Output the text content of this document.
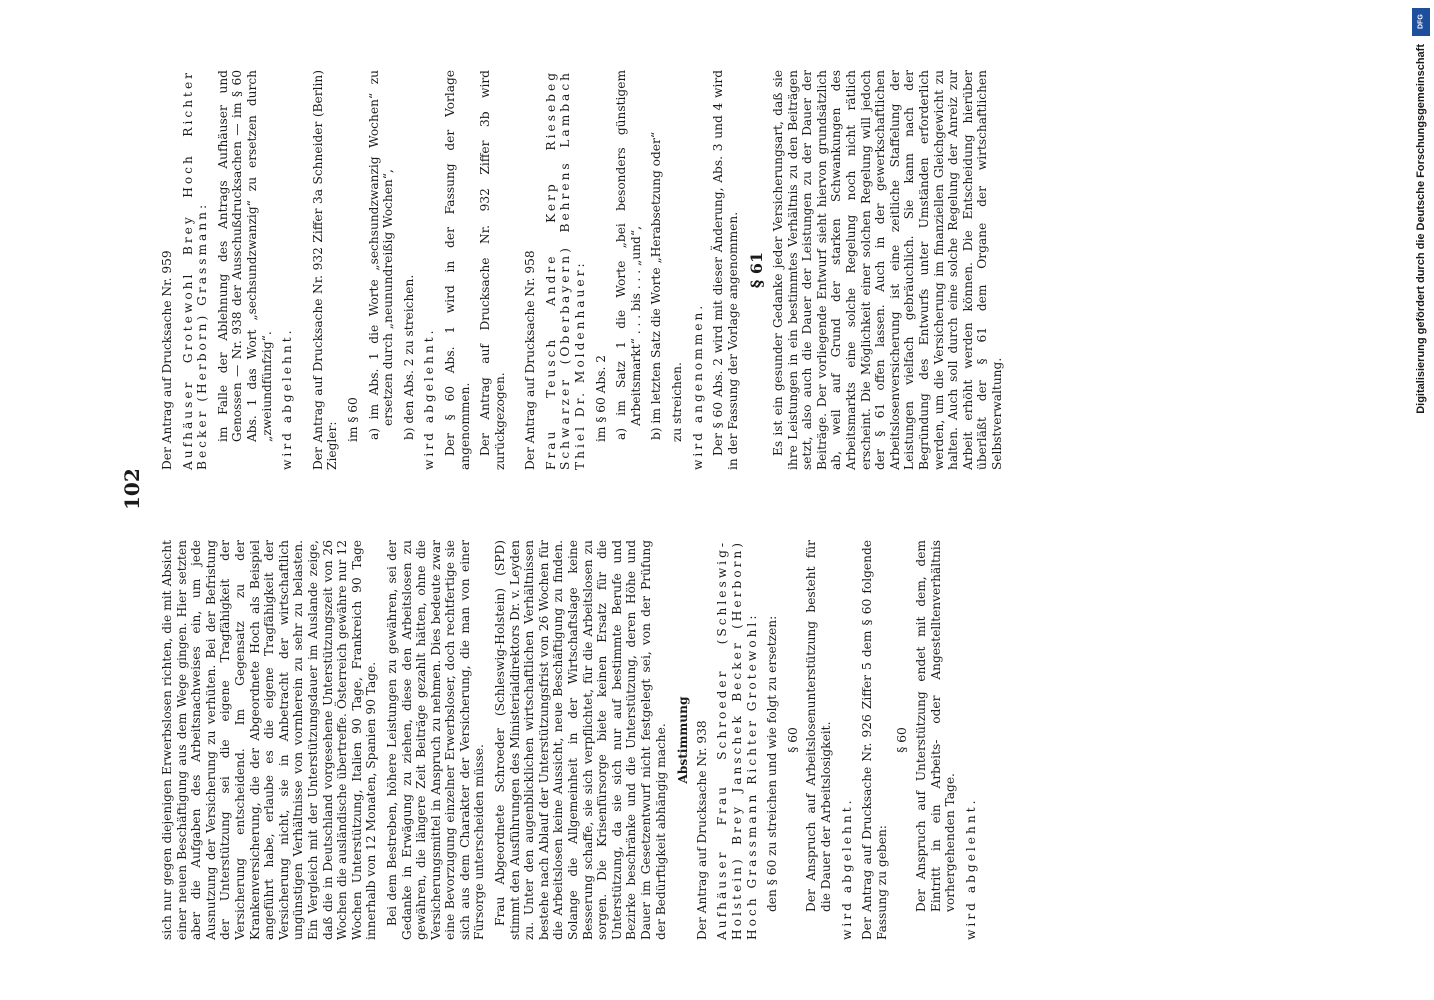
102

sich nur gegen diejenigen Erwerbslosen richten, die mit Absicht einer neuen Beschäftigung aus dem Wege gingen. Hier setzten aber die Aufgaben des Arbeitsnachweises ein, um jede Ausnutzung der Versicherung zu verhüten. Bei der Befristung der Unterstützung sei die eigene Tragfähigkeit der Versicherung entscheidend. Im Gegensatz zu der Krankenversicherung, die der Abgeordnete Hoch als Beispiel angeführt habe, erlaube es die eigene Tragfähigkeit der Versicherung nicht, sie in Anbetracht der wirtschaftlich ungünstigen Verhältnisse von vornherein zu sehr zu belasten. Ein Vergleich mit der Unterstützungsdauer im Auslande zeige, daß die in Deutschland vorgesehene Unterstützungszeit von 26 Wochen die ausländische übertreffe. Österreich gewähre nur 12 Wochen Unterstützung, Italien 90 Tage, Frankreich 90 Tage innerhalb von 12 Monaten, Spanien 90 Tage. Bei dem Bestreben, höhere Leistungen zu gewähren, sei der Gedanke in Erwägung zu ziehen, diese den Arbeitslosen zu gewähren, die längere Zeit Beiträge gezahlt hätten, ohne die Versicherungsmittel in Anspruch zu nehmen. Dies bedeute zwar eine Bevorzugung einzelner Erwerbsloser, doch rechtfertige sie sich aus dem Charakter der Versicherung, die man von einer Fürsorge unterscheiden müsse. Frau Abgeordnete Schroeder (Schleswig-Holstein) (SPD) stimmt den Ausführungen des Ministerialdirektors Dr. v. Leyden zu. Unter den augenblicklichen wirtschaftlichen Verhältnissen bestehe nach Ablauf der Unterstützungsfrist von 26 Wochen für die Arbeitslosen keine Aussicht, neue Beschäftigung zu finden. Solange die Allgemeinheit in der Wirtschaftslage keine Besserung schaffe, sie sich verpflichtet, für die Arbeitslosen zu sorgen. Die Krisenfürsorge biete keinen Ersatz für die Unterstützung, da sie sich nur auf bestimmte Berufe und Bezirke beschränke und die Unterstützung, deren Höhe und Dauer im Gesetzentwurf nicht festgelegt sei, von der Prüfung der Bedürftigkeit abhängig mache. Abstimmung Der Antrag auf Drucksache Nr. 938 Aufhäuser Frau Schroeder (Schleswig-Holstein) Brey Janschek Becker (Herborn) Hoch Grassmann Richter Grotewohl: den § 60 zu streichen und wie folgt zu ersetzen: § 60 Der Anspruch auf Arbeitslosenunterstützung besteht für die Dauer der Arbeitslosigkeit. wird abgelehnt. Der Antrag auf Drucksache Nr. 926 Ziffer 5 dem § 60 folgende Fassung zu geben:

§ 60 Der Anspruch auf Unterstützung endet mit dem, dem Eintritt in ein Arbeits- oder Angestelltenverhältnis vorhergehenden Tage. wird abgelehnt.

Der Antrag auf Drucksache Nr. 959 Aufhäuser Grotewohl Brey Hoch Richter Becker (Herborn) Grassmann: im Falle der Ablehnung des Antrags Aufhäuser und Genossen — Nr. 938 der Ausschußdrucksachen — im § 60 Abs. 1 das Wort „sechsundzwanzig“ zu ersetzen durch „zweiundfünfzig“. wird abgelehnt. Der Antrag auf Drucksache Nr. 932 Ziffer 3a Schneider (Berlin) Ziegler:

im § 60 a) im Abs. 1 die Worte „sechsundzwanzig Wochen“ zu ersetzen durch „neunundreißig Wochen“, b) den Abs. 2 zu streichen. wird abgelehnt. Der § 60 Abs. 1 wird in der Fassung der Vorlage angenommen. Der Antrag auf Drucksache Nr. 932 Ziffer 3b wird zurückgezogen. Der Antrag auf Drucksache Nr. 958 Frau Teusch Andre Kerp Riesebeg Schwarzer (Oberbayern) Behrens Lambach Thiel Dr. Moldenhauer: im § 60 Abs. 2 a) im Satz 1 die Worte „bei besonders günstigem Arbeitsmarkt“ . . . bis . . . „und“, b) im letzten Satz die Worte „Herabsetzung oder“ zu streichen. wird angenommen. Der § 60 Abs. 2 wird mit dieser Änderung, Abs. 3 und 4 wird in der Fassung der Vorlage angenommen. § 61 Es ist ein gesunder Gedanke jeder Versicherungsart, daß sie ihre Leistungen in ein bestimmtes Verhältnis zu den Beiträgen setzt, also auch die Dauer der Leistungen zu der Dauer der Beiträge. Der vorliegende Entwurf sieht hiervon grundsätzlich ab, weil auf Grund der starken Schwankungen des Arbeitsmarkts eine solche Regelung noch nicht rätlich erscheint. Die Möglichkeit einer solchen Regelung will jedoch der § 61 offen lassen. Auch in der gewerkschaftlichen Arbeitslosenversicherung ist eine zeitliche Staffelung der Leistungen vielfach gebräuchlich. Sie kann nach der Begründung des Entwurfs unter Umständen erforderlich werden, um die Versicherung im finanziellen Gleichgewicht zu halten. Auch soll durch eine solche Regelung der Anreiz zur Arbeit erhöht werden können. Die Entscheidung hierüber überläßt der § 61 dem Organe der wirtschaftlichen Selbstverwaltung.

DFG
Digitalisierung gefördert durch die Deutsche Forschungsgemeinschaft
